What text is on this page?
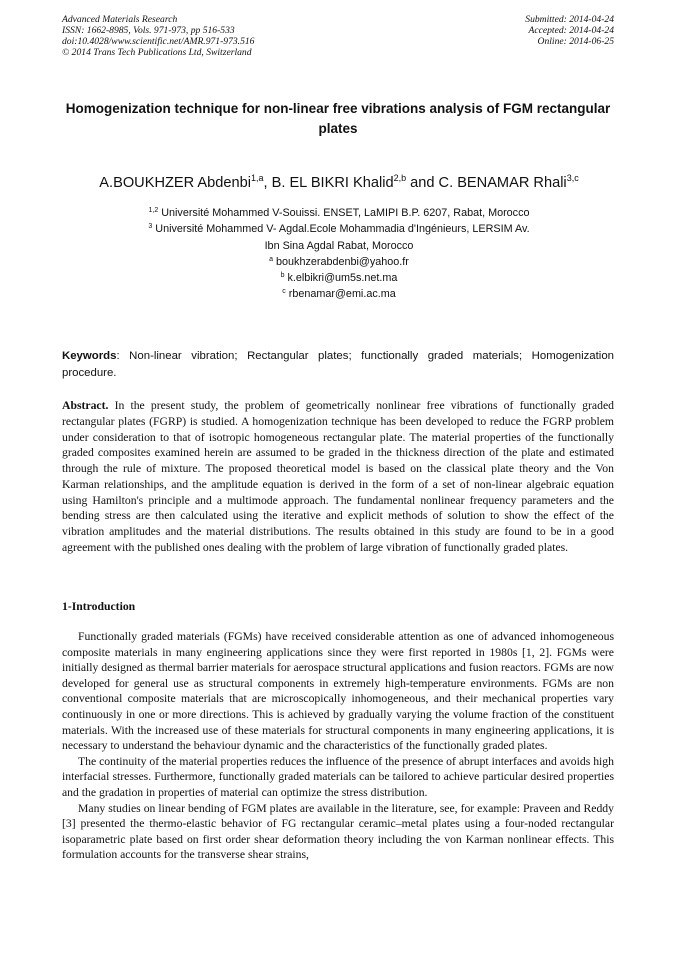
Advanced Materials Research
ISSN: 1662-8985, Vols. 971-973, pp 516-533
doi:10.4028/www.scientific.net/AMR.971-973.516
© 2014 Trans Tech Publications Ltd, Switzerland
Submitted: 2014-04-24
Accepted: 2014-04-24
Online: 2014-06-25
Homogenization technique for non-linear free vibrations analysis of FGM rectangular plates
A.BOUKHZER Abdenbi$^{1,a}$, B. EL BIKRI Khalid$^{2,b}$ and C. BENAMAR Rhali$^{3,c}$
$^{1,2}$ Université Mohammed V-Souissi. ENSET, LaMIPI B.P. 6207, Rabat, Morocco
$^3$ Université Mohammed V- Agdal.Ecole Mohammadia d'Ingénieurs, LERSIM Av.
Ibn Sina Agdal Rabat, Morocco
$^a$ boukhzerabdenbi@yahoo.fr
$^b$ k.elbikri@um5s.net.ma
$^c$ rbenamar@emi.ac.ma
Keywords: Non-linear vibration; Rectangular plates; functionally graded materials; Homogenization procedure.
Abstract. In the present study, the problem of geometrically nonlinear free vibrations of functionally graded rectangular plates (FGRP) is studied. A homogenization technique has been developed to reduce the FGRP problem under consideration to that of isotropic homogeneous rectangular plate. The material properties of the functionally graded composites examined herein are assumed to be graded in the thickness direction of the plate and estimated through the rule of mixture. The proposed theoretical model is based on the classical plate theory and the Von Karman relationships, and the amplitude equation is derived in the form of a set of non-linear algebraic equation using Hamilton's principle and a multimode approach. The fundamental nonlinear frequency parameters and the bending stress are then calculated using the iterative and explicit methods of solution to show the effect of the vibration amplitudes and the material distributions. The results obtained in this study are found to be in a good agreement with the published ones dealing with the problem of large vibration of functionally graded plates.
1-Introduction

Functionally graded materials (FGMs) have received considerable attention as one of advanced inhomogeneous composite materials in many engineering applications since they were first reported in 1980s [1, 2]. FGMs were initially designed as thermal barrier materials for aerospace structural applications and fusion reactors. FGMs are now developed for general use as structural components in extremely high-temperature environments. FGMs are non conventional composite materials that are microscopically inhomogeneous, and their mechanical properties vary continuously in one or more directions. This is achieved by gradually varying the volume fraction of the constituent materials. With the increased use of these materials for structural components in many engineering applications, it is necessary to understand the behaviour dynamic and the characteristics of the functionally graded plates.

The continuity of the material properties reduces the influence of the presence of abrupt interfaces and avoids high interfacial stresses. Furthermore, functionally graded materials can be tailored to achieve particular desired properties and the gradation in properties of material can optimize the stress distribution.

Many studies on linear bending of FGM plates are available in the literature, see, for example: Praveen and Reddy [3] presented the thermo-elastic behavior of FG rectangular ceramic–metal plates using a four-noded rectangular isoparametric plate based on first order shear deformation theory including the von Karman nonlinear effects. This formulation accounts for the transverse shear strains,
